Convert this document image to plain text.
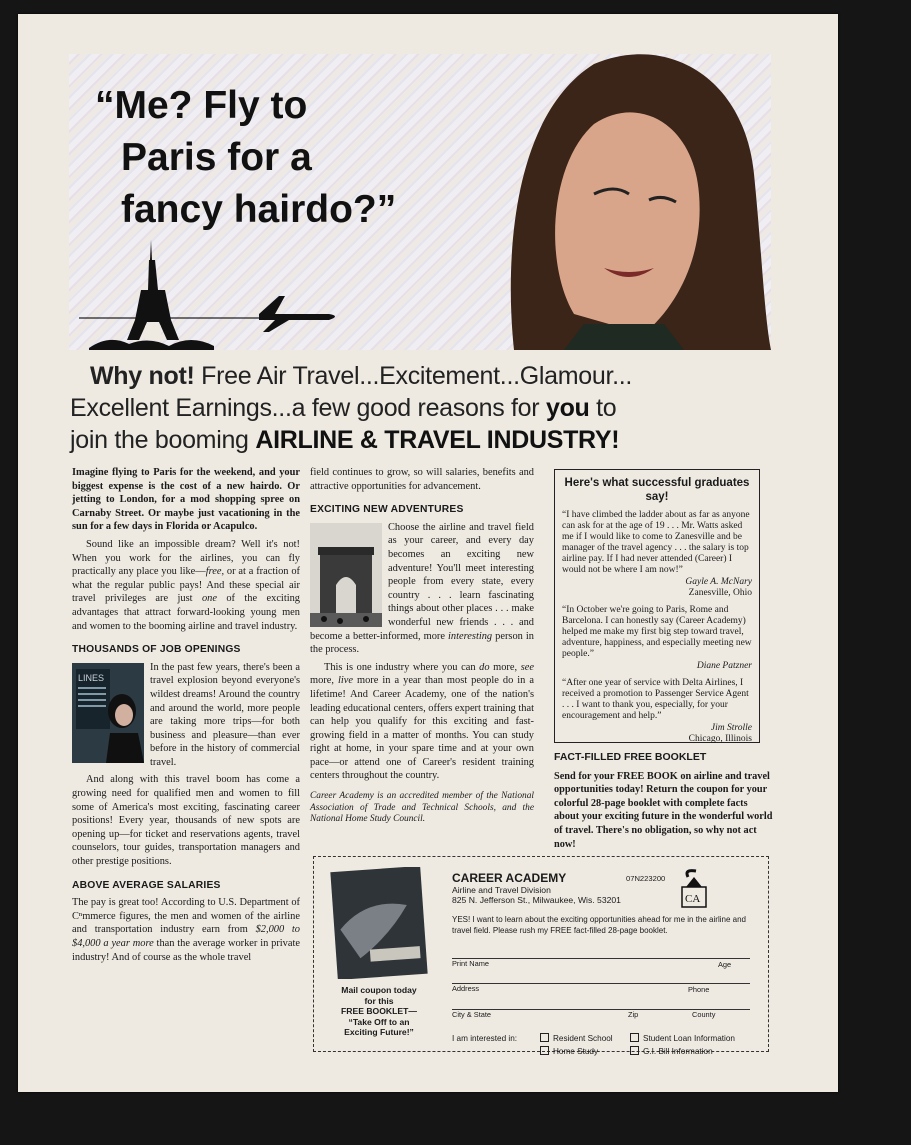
“Me? Fly to
Paris for a
fancy hairdo?”
Why not! Free Air Travel...Excitement...Glamour...
Excellent Earnings...a few good reasons for you to
join the booming AIRLINE & TRAVEL INDUSTRY!

Imagine flying to Paris for the weekend, and your biggest expense is the cost of a new hairdo. Or jetting to London, for a mod shopping spree on Carnaby Street. Or maybe just vacationing in the sun for a few days in Florida or Acapulco.

Sound like an impossible dream? Well it's not! When you work for the airlines, you can fly practically any place you like—free, or at a fraction of what the regular public pays! And these special air travel privileges are just one of the exciting advantages that attract forward-looking young men and women to the booming airline and travel industry.

THOUSANDS OF JOB OPENINGS
LINES

In the past few years, there's been a travel explosion beyond everyone's wildest dreams! Around the country and around the world, more people are taking more trips—for both business and pleasure—than ever before in the history of commercial travel.

And along with this travel boom has come a growing need for qualified men and women to fill some of America's most exciting, fascinating career positions! Every year, thousands of new spots are opening up—for ticket and reservations agents, travel counselors, tour guides, transportation managers and other prestige positions.

ABOVE AVERAGE SALARIES

The pay is great too! According to U.S. Department of Cⁿmmerce figures, the men and women of the airline and transportation industry earn from $2,000 to $4,000 a year more than the average worker in private industry! And of course as the whole travel

field continues to grow, so will salaries, benefits and attractive opportunities for advancement.

EXCITING NEW ADVENTURES

Choose the airline and travel field as your career, and every day becomes an exciting new adventure! You'll meet interesting people from every state, every country . . . learn fascinating things about other places . . . make wonderful new friends . . . and become a better-informed, more interesting person in the process.

This is one industry where you can do more, see more, live more in a year than most people do in a lifetime! And Career Academy, one of the nation's leading educational centers, offers expert training that can help you qualify for this exciting and fast-growing field in a matter of months. You can study right at home, in your spare time and at your own pace—or attend one of Career's resident training centers throughout the country.

Career Academy is an accredited member of the National Association of Trade and Technical Schools, and the National Home Study Council.

Here's what successful graduates say!

“I have climbed the ladder about as far as anyone can ask for at the age of 19 . . . Mr. Watts asked me if I would like to come to Zanesville and be manager of the travel agency . . . the salary is top airline pay. If I had never attended (Career) I would not be where I am now!”

Gayle A. McNary
Zanesville, Ohio

“In October we're going to Paris, Rome and Barcelona. I can honestly say (Career Academy) helped me make my first big step toward travel, adventure, happiness, and especially meeting new people.”

Diane Patzner

“After one year of service with Delta Airlines, I received a promotion to Passenger Service Agent . . . I want to thank you, especially, for your encouragement and help.”

Jim Strolle
Chicago, Illinois

FACT-FILLED FREE BOOKLET

Send for your FREE BOOK on airline and travel opportunities today! Return the coupon for your colorful 28-page booklet with complete facts about your exciting future in the wonderful world of travel. There's no obligation, so why not act now!

Mail coupon today
for this
FREE BOOKLET—
“Take Off to an
Exciting Future!”
CAREER ACADEMY
Airline and Travel Division
825 N. Jefferson St., Milwaukee, Wis. 53201
07N223200
CA
YES! I want to learn about the exciting opportunities ahead for me in the airline and travel field. Please rush my FREE fact-filled 28-page booklet.
Print Name	Age
Address	Phone
City & State	Zip	County
I am interested in:	Resident School	Student Loan Information
Home Study	G.I. Bill Information
